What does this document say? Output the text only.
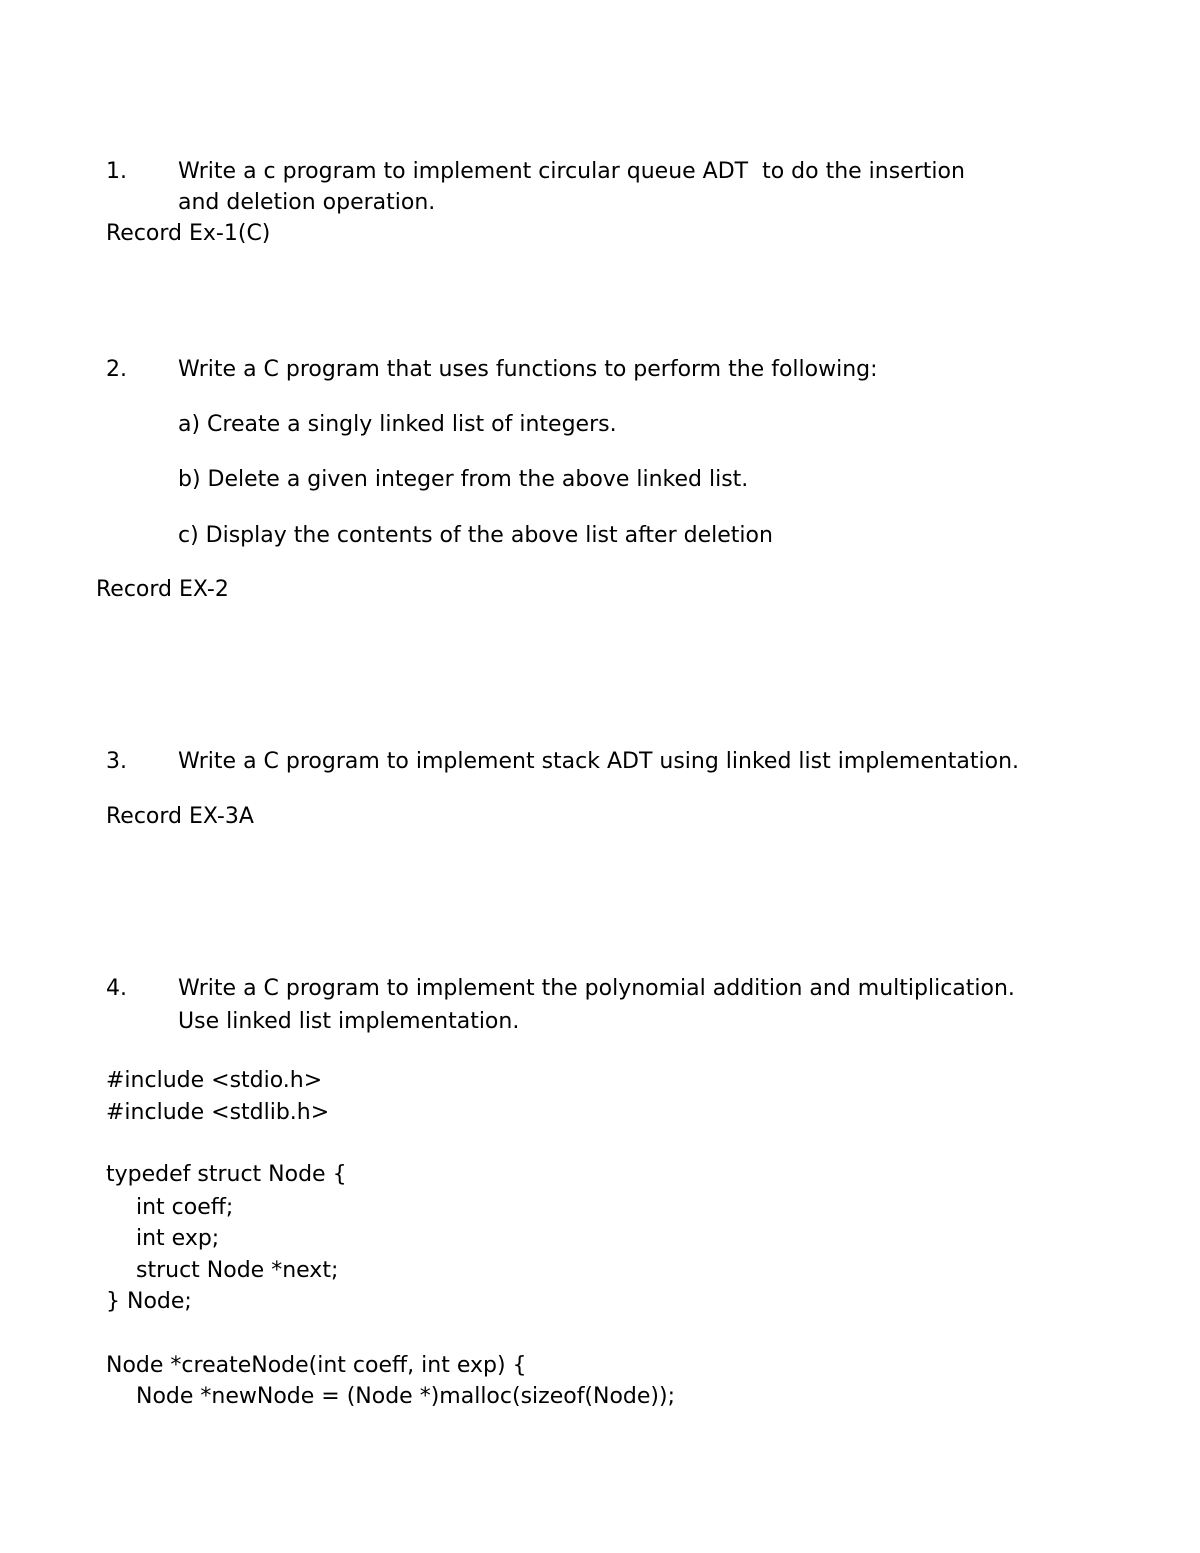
1. Write a c program to implement circular queue ADT  to do the insertion

and deletion operation.

Record Ex-1(C)

2. Write a C program that uses functions to perform the following:

a) Create a singly linked list of integers.

b) Delete a given integer from the above linked list.

c) Display the contents of the above list after deletion

Record EX-2

3. Write a C program to implement stack ADT using linked list implementation.

Record EX-3A

4. Write a C program to implement the polynomial addition and multiplication.

Use linked list implementation.

#include <stdio.h>

#include <stdlib.h>

typedef struct Node {

int coeff;

int exp;

struct Node *next;

} Node;

Node *createNode(int coeff, int exp) {

Node *newNode = (Node *)malloc(sizeof(Node));
